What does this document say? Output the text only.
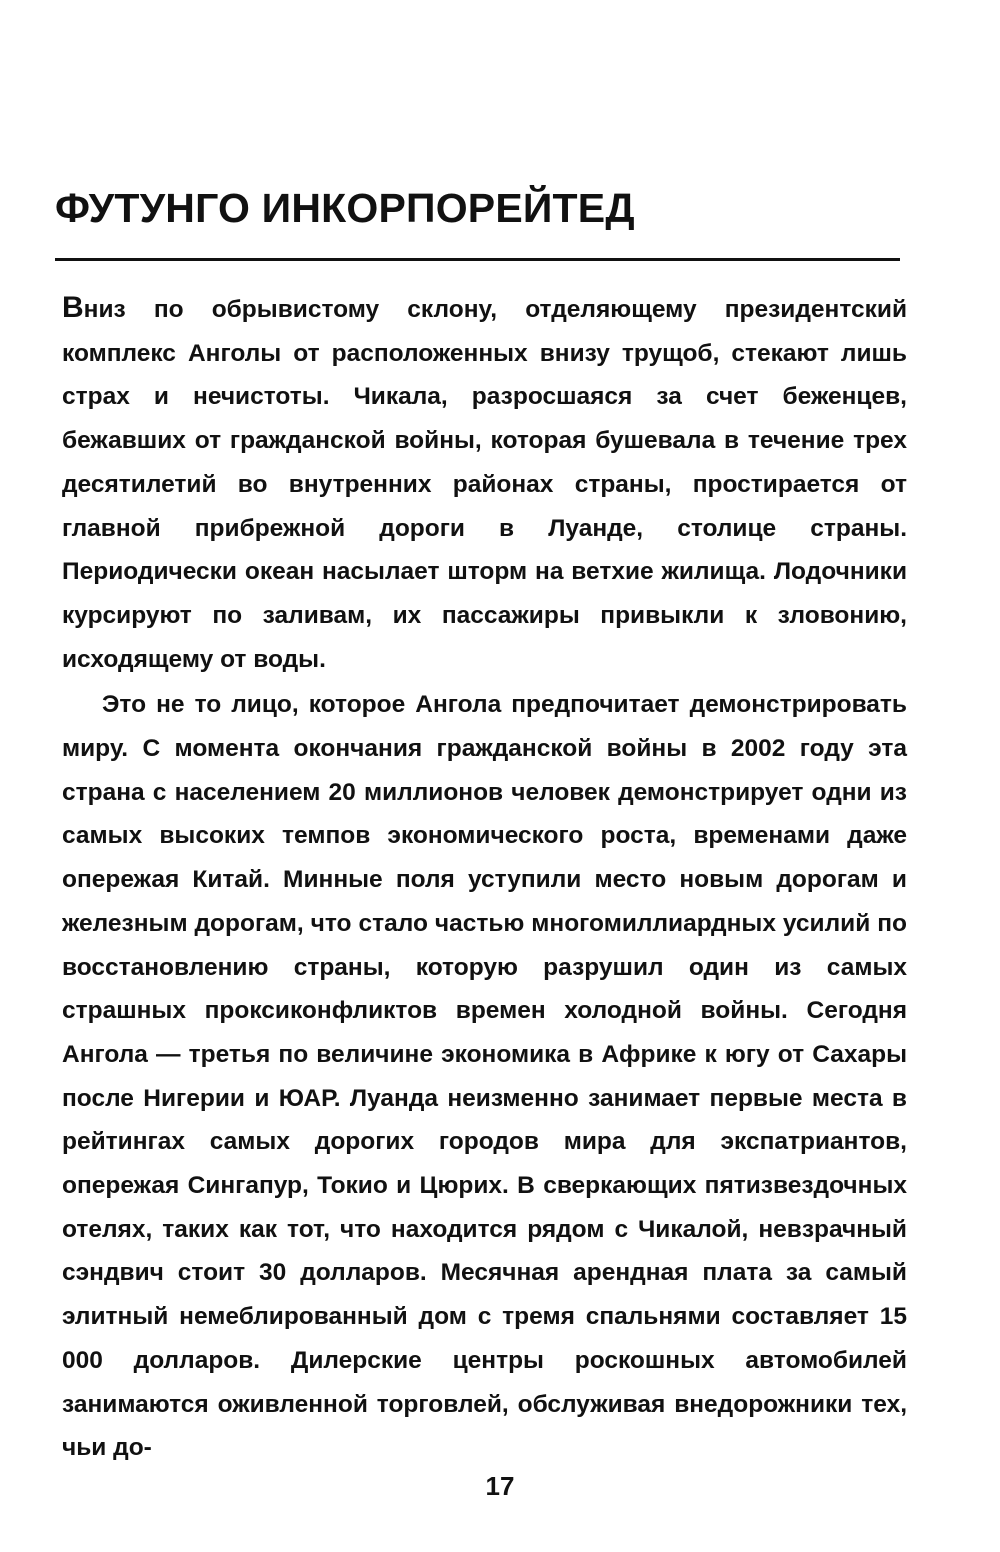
ФУТУНГО ИНКОРПОРЕЙТЕД

Вниз по обрывистому склону, отделяющему президентский комплекс Анголы от расположенных внизу трущоб, стекают лишь страх и нечистоты. Чикала, разросшаяся за счет беженцев, бежавших от гражданской войны, которая бушевала в течение трех десятилетий во внутренних районах страны, простирается от главной прибрежной дороги в Луанде, столице страны. Периодически океан насылает шторм на ветхие жилища. Лодочники курсируют по заливам, их пассажиры привыкли к зловонию, исходящему от воды.

Это не то лицо, которое Ангола предпочитает демонстрировать миру. С момента окончания гражданской войны в 2002 году эта страна с населением 20 миллионов человек демонстрирует одни из самых высоких темпов экономического роста, временами даже опережая Китай. Минные поля уступили место новым дорогам и железным дорогам, что стало частью многомиллиардных усилий по восстановлению страны, которую разрушил один из самых страшных проксиконфликтов времен холодной войны. Сегодня Ангола — третья по величине экономика в Африке к югу от Сахары после Нигерии и ЮАР. Луанда неизменно занимает первые места в рейтингах самых дорогих городов мира для экспатриантов, опережая Сингапур, Токио и Цюрих. В сверкающих пятизвездочных отелях, таких как тот, что находится рядом с Чикалой, невзрачный сэндвич стоит 30 долларов. Месячная арендная плата за самый элитный немеблированный дом с тремя спальнями составляет 15 000 долларов. Дилерские центры роскошных автомобилей занимаются оживленной торговлей, обслуживая внедорожники тех, чьи до-

17
